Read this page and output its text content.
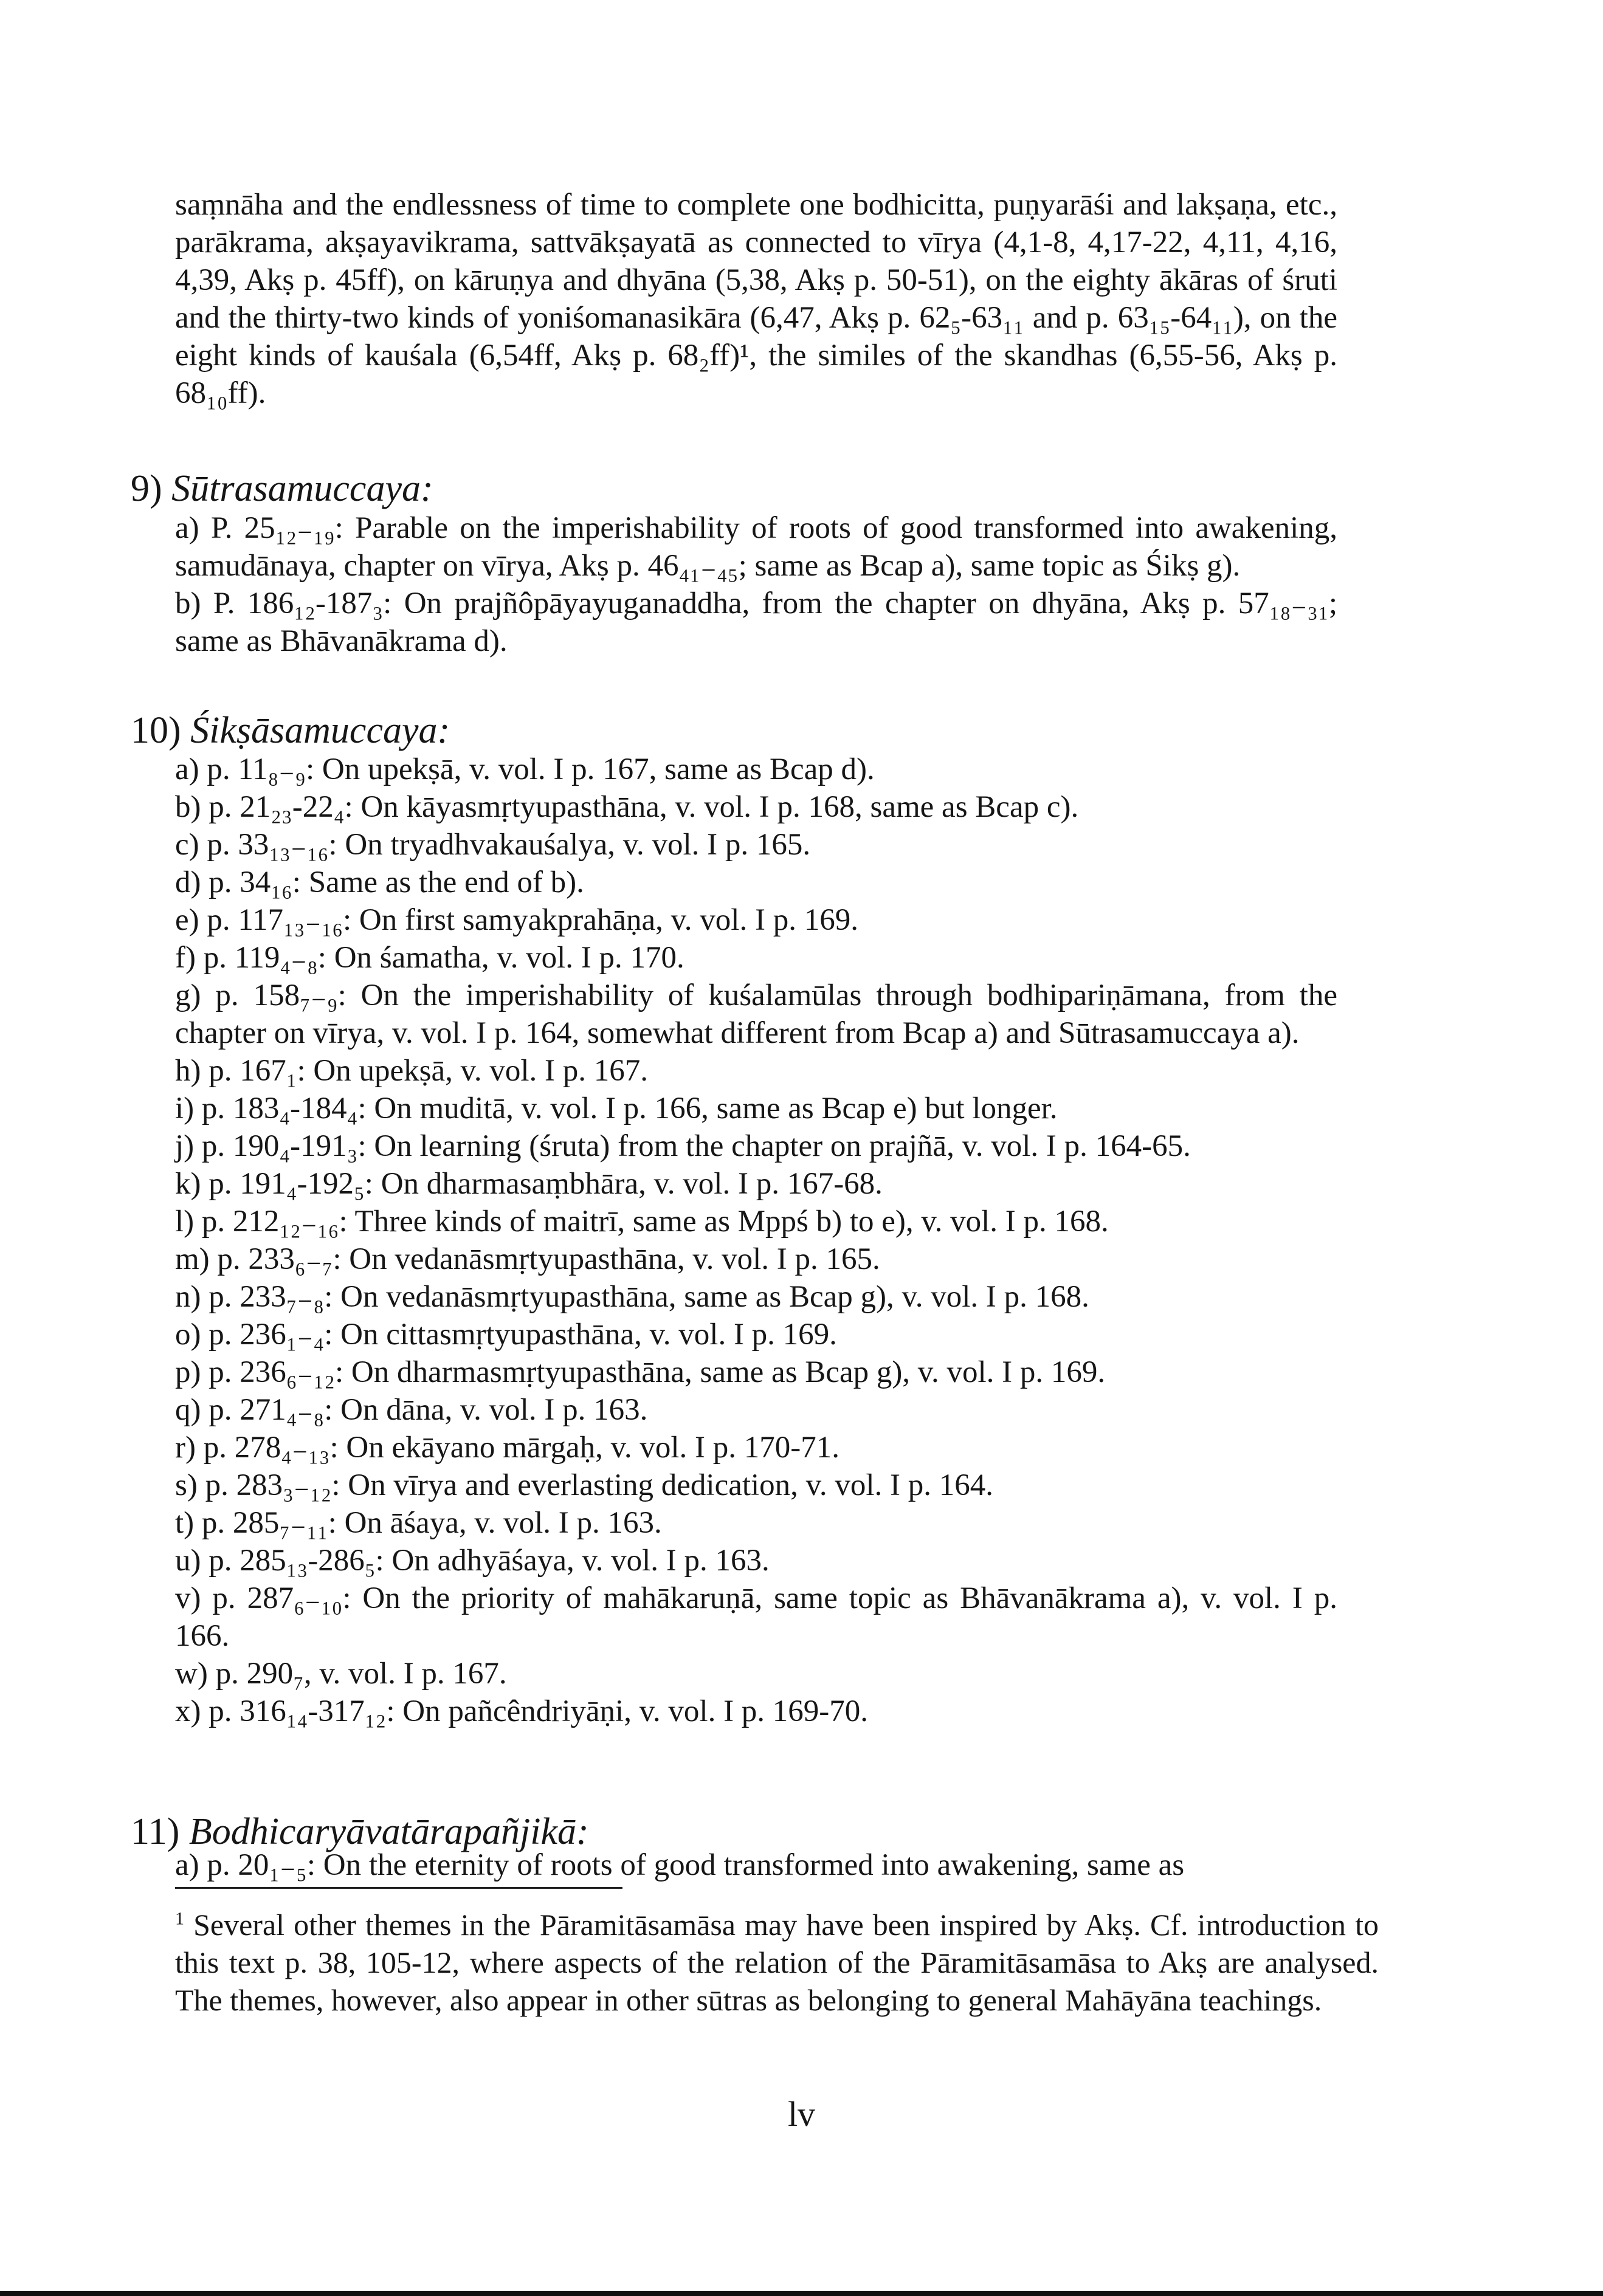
saṃnāha and the endlessness of time to complete one bodhicitta, puṇyarāśi and lakṣaṇa, etc., parākrama, akṣayavikrama, sattvākṣayatā as connected to vīrya (4,1-8, 4,17-22, 4,11, 4,16, 4,39, Akṣ p. 45ff), on kāruṇya and dhyāna (5,38, Akṣ p. 50-51), on the eighty ākāras of śruti and the thirty-two kinds of yoniśomanasikāra (6,47, Akṣ p. 62₅-63₁₁ and p. 63₁₅-64₁₁), on the eight kinds of kauśala (6,54ff, Akṣ p. 68₂ff)¹, the similes of the skandhas (6,55-56, Akṣ p. 68₁₀ff).
9) Sūtrasamuccaya:
a) P. 25₁₂₋₁₉: Parable on the imperishability of roots of good transformed into awakening, samudānaya, chapter on vīrya, Akṣ p. 46₄₁₋₄₅; same as Bcap a), same topic as Śikṣ g).
b) P. 186₁₂-187₃: On prajñôpāyayuganaddha, from the chapter on dhyāna, Akṣ p. 57₁₈₋₃₁; same as Bhāvanākrama d).
10) Śikṣāsamuccaya:
a) p. 11₈₋₉: On upekṣā, v. vol. I p. 167, same as Bcap d).
b) p. 21₂₃-22₄: On kāyasmṛtyupasthāna, v. vol. I p. 168, same as Bcap c).
c) p. 33₁₃₋₁₆: On tryadhvakauśalya, v. vol. I p. 165.
d) p. 34₁₆: Same as the end of b).
e) p. 117₁₃₋₁₆: On first samyakprahāṇa, v. vol. I p. 169.
f) p. 119₄₋₈: On śamatha, v. vol. I p. 170.
g) p. 158₇₋₉: On the imperishability of kuśalamūlas through bodhipariṇāmana, from the chapter on vīrya, v. vol. I p. 164, somewhat different from Bcap a) and Sūtrasamuccaya a).
h) p. 167₁: On upekṣā, v. vol. I p. 167.
i) p. 183₄-184₄: On muditā, v. vol. I p. 166, same as Bcap e) but longer.
j) p. 190₄-191₃: On learning (śruta) from the chapter on prajñā, v. vol. I p. 164-65.
k) p. 191₄-192₅: On dharmasaṃbhāra, v. vol. I p. 167-68.
l) p. 212₁₂₋₁₆: Three kinds of maitrī, same as Mppś b) to e), v. vol. I p. 168.
m) p. 233₆₋₇: On vedanāsmṛtyupasthāna, v. vol. I p. 165.
n) p. 233₇₋₈: On vedanāsmṛtyupasthāna, same as Bcap g), v. vol. I p. 168.
o) p. 236₁₋₄: On cittasmṛtyupasthāna, v. vol. I p. 169.
p) p. 236₆₋₁₂: On dharmasmṛtyupasthāna, same as Bcap g), v. vol. I p. 169.
q) p. 271₄₋₈: On dāna, v. vol. I p. 163.
r) p. 278₄₋₁₃: On ekāyano mārgaḥ, v. vol. I p. 170-71.
s) p. 283₃₋₁₂: On vīrya and everlasting dedication, v. vol. I p. 164.
t) p. 285₇₋₁₁: On āśaya, v. vol. I p. 163.
u) p. 285₁₃-286₅: On adhyāśaya, v. vol. I p. 163.
v) p. 287₆₋₁₀: On the priority of mahākaruṇā, same topic as Bhāvanākrama a), v. vol. I p. 166.
w) p. 290₇, v. vol. I p. 167.
x) p. 316₁₄-317₁₂: On pañcêndriyāṇi, v. vol. I p. 169-70.
11) Bodhicaryāvatārapañjikā:
a) p. 20₁₋₅: On the eternity of roots of good transformed into awakening, same as
$^1$ Several other themes in the Pāramitāsamāsa may have been inspired by Akṣ. Cf. introduction to this text p. 38, 105-12, where aspects of the relation of the Pāramitāsamāsa to Akṣ are analysed. The themes, however, also appear in other sūtras as belonging to general Mahāyāna teachings.
lv
